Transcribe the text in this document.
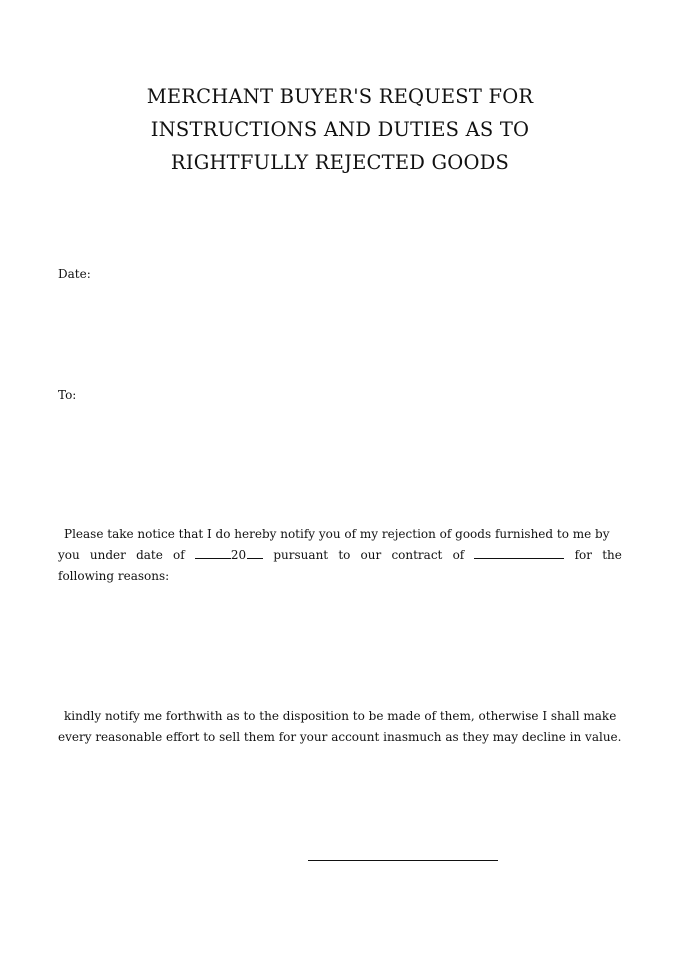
MERCHANT BUYER'S REQUEST FOR
INSTRUCTIONS AND DUTIES AS TO
RIGHTFULLY REJECTED GOODS
Date:
To:
Please take notice that I do hereby notify you of my rejection of goods furnished to me by
you under date of	20	pursuant to our contract of	for the
following reasons:
kindly notify me forthwith as to the disposition to be made of them, otherwise I shall make
every reasonable effort to sell them for your account inasmuch as they may decline in value.
